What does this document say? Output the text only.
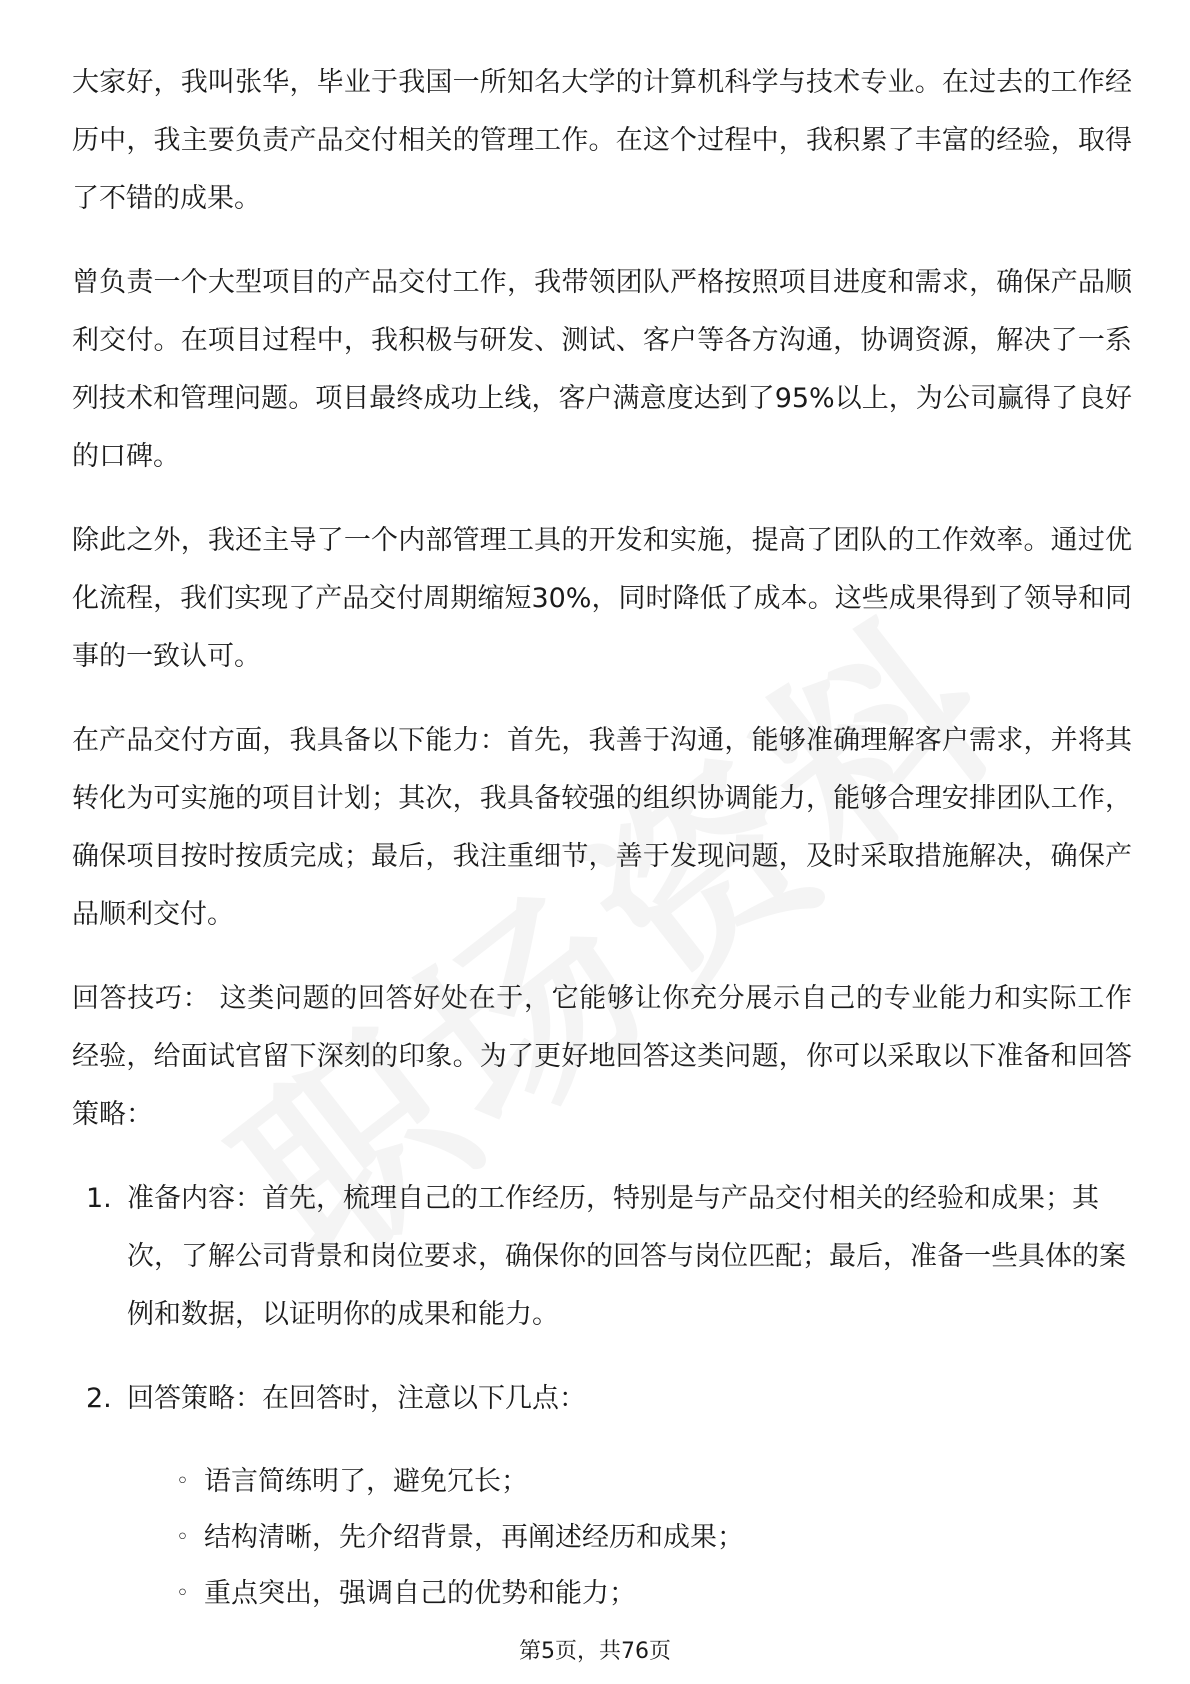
大家好，我叫张华，毕业于我国一所知名大学的计算机科学与技术专业。在过去的工作经历中，我主要负责产品交付相关的管理工作。在这个过程中，我积累了丰富的经验，取得了不错的成果。

曾负责一个大型项目的产品交付工作，我带领团队严格按照项目进度和需求，确保产品顺利交付。在项目过程中，我积极与研发、测试、客户等各方沟通，协调资源，解决了一系列技术和管理问题。项目最终成功上线，客户满意度达到了95%以上，为公司赢得了良好的口碑。

除此之外，我还主导了一个内部管理工具的开发和实施，提高了团队的工作效率。通过优化流程，我们实现了产品交付周期缩短30%，同时降低了成本。这些成果得到了领导和同事的一致认可。

在产品交付方面，我具备以下能力：首先，我善于沟通，能够准确理解客户需求，并将其转化为可实施的项目计划；其次，我具备较强的组织协调能力，能够合理安排团队工作，确保项目按时按质完成；最后，我注重细节，善于发现问题，及时采取措施解决，确保产品顺利交付。

回答技巧： 这类问题的回答好处在于，它能够让你充分展示自己的专业能力和实际工作经验，给面试官留下深刻的印象。为了更好地回答这类问题，你可以采取以下准备和回答策略：

1. 准备内容：首先，梳理自己的工作经历，特别是与产品交付相关的经验和成果；其次，了解公司背景和岗位要求，确保你的回答与岗位匹配；最后，准备一些具体的案例和数据，以证明你的成果和能力。
2. 回答策略：在回答时，注意以下几点：
◦ 语言简练明了，避免冗长；
◦ 结构清晰，先介绍背景，再阐述经历和成果；
◦ 重点突出，强调自己的优势和能力；
第5页，共76页
